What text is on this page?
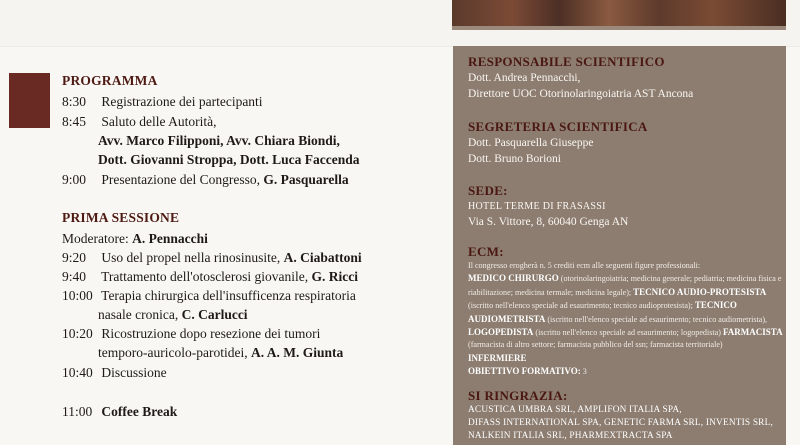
PROGRAMMA
8:30 Registrazione dei partecipanti
8:45 Saluto delle Autorità,
Avv. Marco Filipponi, Avv. Chiara Biondi,
Dott. Giovanni Stroppa, Dott. Luca Faccenda
9:00 Presentazione del Congresso, G. Pasquarella
PRIMA SESSIONE
Moderatore: A. Pennacchi
9:20 Uso del propel nella rinosinusite, A. Ciabattoni
9:40 Trattamento dell'otosclerosi giovanile, G. Ricci
10:00 Terapia chirurgica dell'insufficenza respiratoria
nasale cronica, C. Carlucci
10:20 Ricostruzione dopo resezione dei tumori
temporo-auricolo-parotidei, A. A. M. Giunta
10:40 Discussione
11:00 Coffee Break
RESPONSABILE SCIENTIFICO
Dott. Andrea Pennacchi,
Direttore UOC Otorinolaringoiatria AST Ancona
SEGRETERIA SCIENTIFICA
Dott. Pasquarella Giuseppe
Dott. Bruno Borioni
SEDE:
HOTEL TERME DI FRASASSI
Via S. Vittore, 8, 60040 Genga AN
ECM:
Il congresso erogherà n. 5 crediti ecm alle seguenti figure professionali:
MEDICO CHIRURGO (otorinolaringoiatria; medicina generale; pediatria; medicina fisica e riabilitazione; medicina termale; medicina legale); TECNICO AUDIO-PROTESISTA (iscritto nell'elenco speciale ad esaurimento; tecnico audioprotesista); TECNICO AUDIOMETRISTA (iscritto nell'elenco speciale ad esaurimento; tecnico audiometrista), LOGOPEDISTA (iscritto nell'elenco speciale ad esaurimento; logopedista) FARMACISTA (farmacista di altro settore; farmacista pubblico del ssn; farmacista territoriale) INFERMIERE
OBIETTIVO FORMATIVO: 3
SI RINGRAZIA:
ACUSTICA UMBRA SRL, AMPLIFON ITALIA SPA,
DIFASS INTERNATIONAL SPA, GENETIC FARMA SRL, INVENTIS SRL,
NALKEIN ITALIA SRL, PHARMEXTRACTA SPA
